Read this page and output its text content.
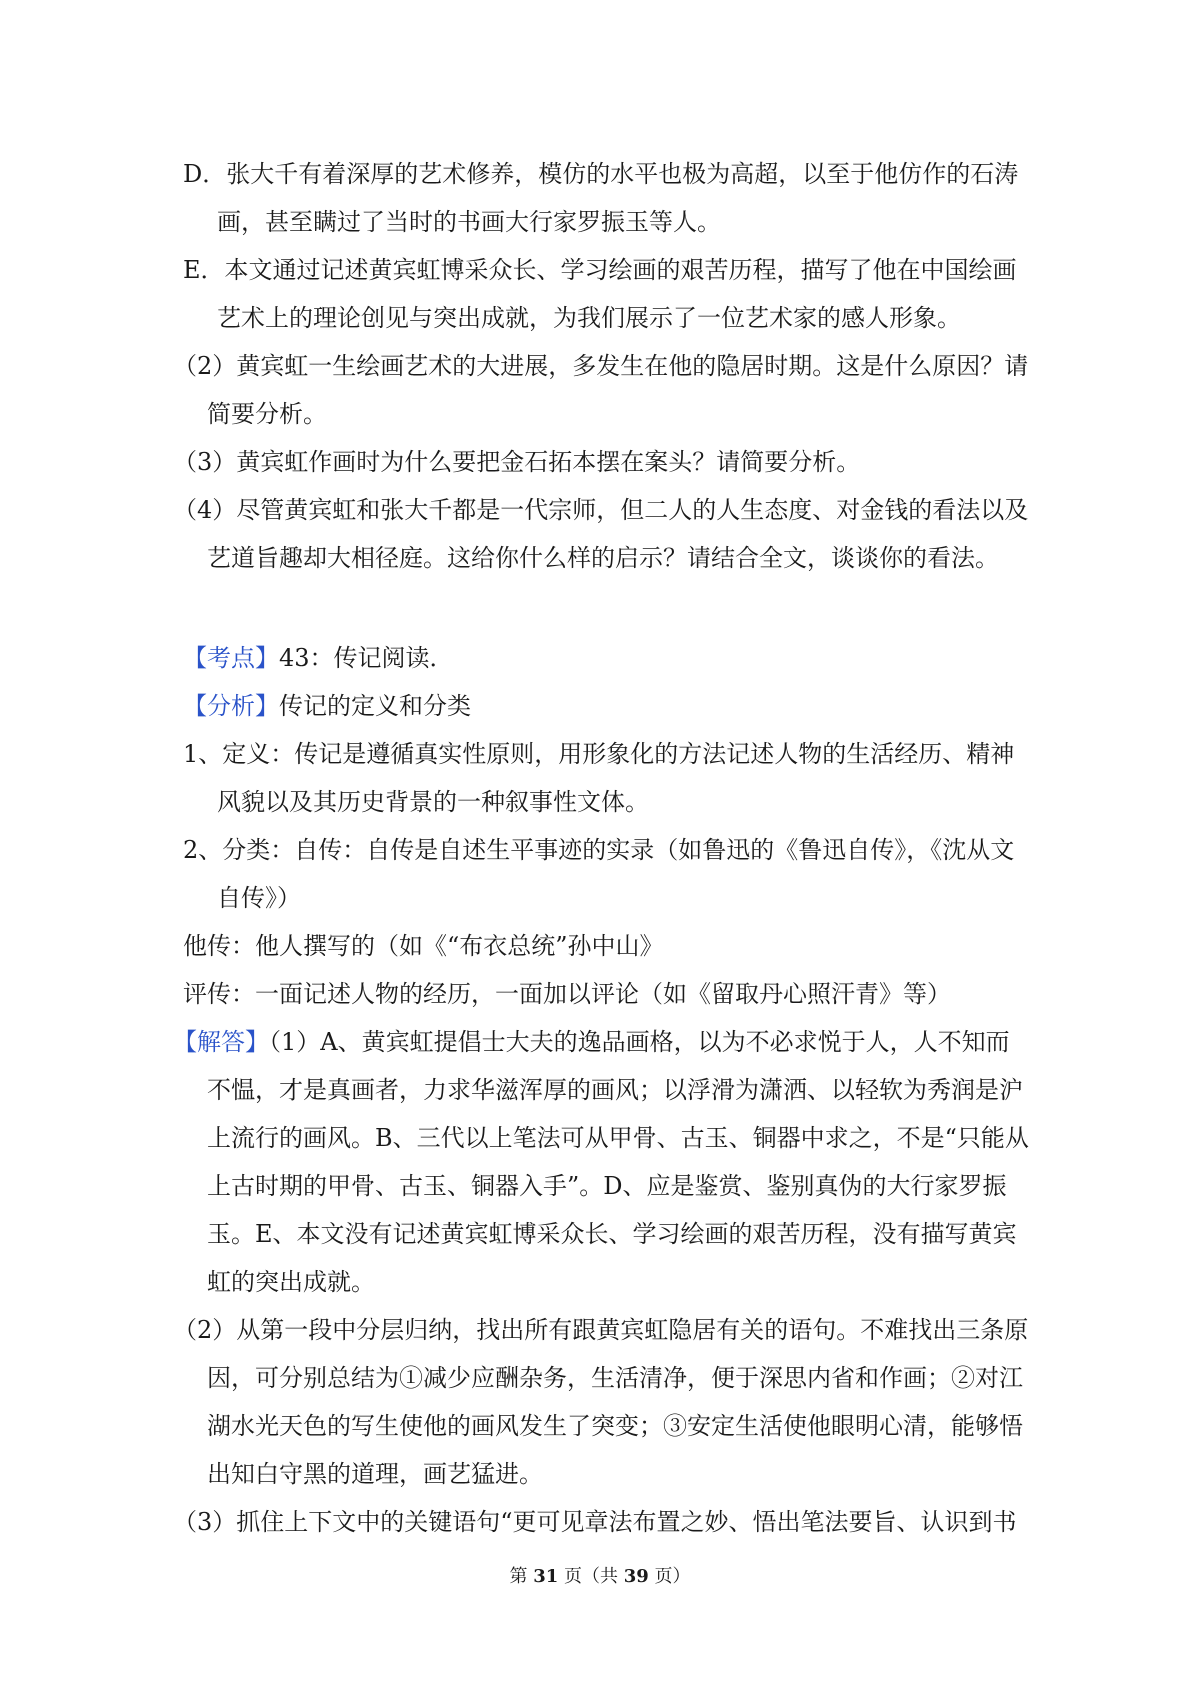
D．张大千有着深厚的艺术修养，模仿的水平也极为高超，以至于他仿作的石涛画，甚至瞒过了当时的书画大行家罗振玉等人。

E．本文通过记述黄宾虹博采众长、学习绘画的艰苦历程，描写了他在中国绘画艺术上的理论创见与突出成就，为我们展示了一位艺术家的感人形象。

（2）黄宾虹一生绘画艺术的大进展，多发生在他的隐居时期。这是什么原因？请简要分析。

（3）黄宾虹作画时为什么要把金石拓本摆在案头？请简要分析。

（4）尽管黄宾虹和张大千都是一代宗师，但二人的人生态度、对金钱的看法以及艺道旨趣却大相径庭。这给你什么样的启示？请结合全文，谈谈你的看法。

【考点】43：传记阅读．

【分析】传记的定义和分类

1、定义：传记是遵循真实性原则，用形象化的方法记述人物的生活经历、精神风貌以及其历史背景的一种叙事性文体。

2、分类：自传：自传是自述生平事迹的实录（如鲁迅的《鲁迅自传》，《沈从文自传》）

他传：他人撰写的（如《“布衣总统”孙中山》

评传：一面记述人物的经历，一面加以评论（如《留取丹心照汗青》等）

【解答】（1）A、黄宾虹提倡士大夫的逸品画格，以为不必求悦于人，人不知而不愠，才是真画者，力求华滋浑厚的画风；以浮滑为潇洒、以轻软为秀润是沪上流行的画风。B、三代以上笔法可从甲骨、古玉、铜器中求之，不是“只能从上古时期的甲骨、古玉、铜器入手”。D、应是鉴赏、鉴别真伪的大行家罗振玉。E、本文没有记述黄宾虹博采众长、学习绘画的艰苦历程，没有描写黄宾虹的突出成就。

（2）从第一段中分层归纳，找出所有跟黄宾虹隐居有关的语句。不难找出三条原因，可分别总结为①减少应酬杂务，生活清净，便于深思内省和作画；②对江湖水光天色的写生使他的画风发生了突变；③安定生活使他眼明心清，能够悟出知白守黑的道理，画艺猛进。

（3）抓住上下文中的关键语句“更可见章法布置之妙、悟出笔法要旨、认识到书

第 31 页（共 39 页）
